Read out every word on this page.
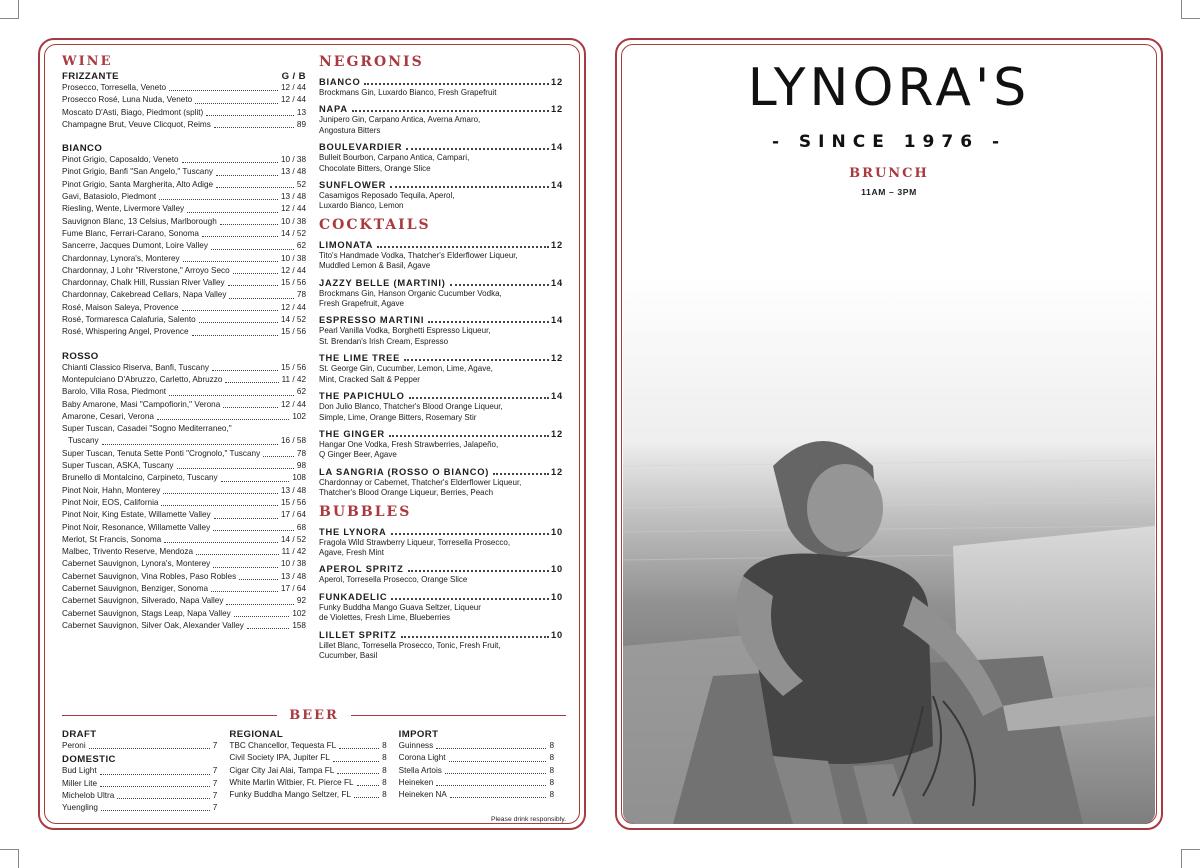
WINE
FRIZZANTE	G / B
Prosecco, Torresella, Veneto	12 / 44
Prosecco Rosé, Luna Nuda, Veneto	12 / 44
Moscato D'Asti, Biago, Piedmont (split)	13
Champagne Brut, Veuve Clicquot, Reims	89
BIANCO
Pinot Grigio, Caposaldo, Veneto	10 / 38
Pinot Grigio, Banfi "San Angelo," Tuscany	13 / 48
Pinot Grigio, Santa Margherita, Alto Adige	52
Gavi, Batasiolo, Piedmont	13 / 48
Riesling, Wente, Livermore Valley	12 / 44
Sauvignon Blanc, 13 Celsius, Marlborough	10 / 38
Fume Blanc, Ferrari-Carano, Sonoma	14 / 52
Sancerre, Jacques Dumont, Loire Valley	62
Chardonnay, Lynora's, Monterey	10 / 38
Chardonnay, J Lohr "Riverstone," Arroyo Seco	12 / 44
Chardonnay, Chalk Hill, Russian River Valley	15 / 56
Chardonnay, Cakebread Cellars, Napa Valley	78
Rosé, Maison Saleya, Provence	12 / 44
Rosé, Tormaresca Calafuria, Salento	14 / 52
Rosé, Whispering Angel, Provence	15 / 56
ROSSO
Chianti Classico Riserva, Banfi, Tuscany	15 / 56
Montepulciano D'Abruzzo, Carletto, Abruzzo	11 / 42
Barolo, Villa Rosa, Piedmont	62
Baby Amarone, Masi "Campofiorin," Verona	12 / 44
Amarone, Cesari, Verona	102
Super Tuscan, Casadei "Sogno Mediterraneo,"
Tuscany	16 / 58
Super Tuscan, Tenuta Sette Ponti "Crognolo," Tuscany	78
Super Tuscan, ASKA, Tuscany	98
Brunello di Montalcino, Carpineto, Tuscany	108
Pinot Noir, Hahn, Monterey	13 / 48
Pinot Noir, EOS, California	15 / 56
Pinot Noir, King Estate, Willamette Valley	17 / 64
Pinot Noir, Resonance, Willamette Valley	68
Merlot, St Francis, Sonoma	14 / 52
Malbec, Trivento Reserve, Mendoza	11 / 42
Cabernet Sauvignon, Lynora's, Monterey	10 / 38
Cabernet Sauvignon, Vina Robles, Paso Robles	13 / 48
Cabernet Sauvignon, Benziger, Sonoma	17 / 64
Cabernet Sauvignon, Silverado, Napa Valley	92
Cabernet Sauvignon, Stags Leap, Napa Valley	102
Cabernet Sauvignon, Silver Oak, Alexander Valley	158
NEGRONIS
BIANCO	12
Brockmans Gin, Luxardo Bianco, Fresh Grapefruit
NAPA	12
Junipero Gin, Carpano Antica, Averna Amaro,
Angostura Bitters
BOULEVARDIER	14
Bulleit Bourbon, Carpano Antica, Campari,
Chocolate Bitters, Orange Slice
SUNFLOWER	14
Casamigos Reposado Tequila, Aperol,
Luxardo Bianco, Lemon
COCKTAILS
LIMONATA	12
Tito's Handmade Vodka, Thatcher's Elderflower Liqueur,
Muddled Lemon & Basil, Agave
JAZZY BELLE (MARTINI)	14
Brockmans Gin, Hanson Organic Cucumber Vodka,
Fresh Grapefruit, Agave
ESPRESSO MARTINI	14
Pearl Vanilla Vodka, Borghetti Espresso Liqueur,
St. Brendan's Irish Cream, Espresso
THE LIME TREE	12
St. George Gin, Cucumber, Lemon, Lime, Agave,
Mint, Cracked Salt & Pepper
THE PAPICHULO	14
Don Julio Blanco, Thatcher's Blood Orange Liqueur,
Simple, Lime, Orange Bitters, Rosemary Stir
THE GINGER	12
Hangar One Vodka, Fresh Strawberries, Jalapeño,
Q Ginger Beer, Agave
LA SANGRIA (ROSSO O BIANCO)	12
Chardonnay or Cabernet, Thatcher's Elderflower Liqueur,
Thatcher's Blood Orange Liqueur, Berries, Peach
BUBBLES
THE LYNORA	10
Fragola Wild Strawberry Liqueur, Torresella Prosecco,
Agave, Fresh Mint
APEROL SPRITZ	10
Aperol, Torresella Prosecco, Orange Slice
FUNKADELIC	10
Funky Buddha Mango Guava Seltzer, Liqueur
de Violettes, Fresh Lime, Blueberries
LILLET SPRITZ	10
Lillet Blanc, Torresella Prosecco, Tonic, Fresh Fruit,
Cucumber, Basil
BEER
DRAFT
Peroni	7
DOMESTIC
Bud Light	7
Miller Lite	7
Michelob Ultra	7
Yuengling	7
REGIONAL
TBC Chancellor, Tequesta FL	8
Civil Society IPA, Jupiter FL	8
Cigar City Jai Alai, Tampa FL	8
White Marlin Witbier, Ft. Pierce FL	8
Funky Buddha Mango Seltzer, FL	8
IMPORT
Guinness	8
Corona Light	8
Stella Artois	8
Heineken	8
Heineken NA	8
Please drink responsibly.
LYNORA'S
- SINCE 1976 -
BRUNCH
11AM – 3PM
